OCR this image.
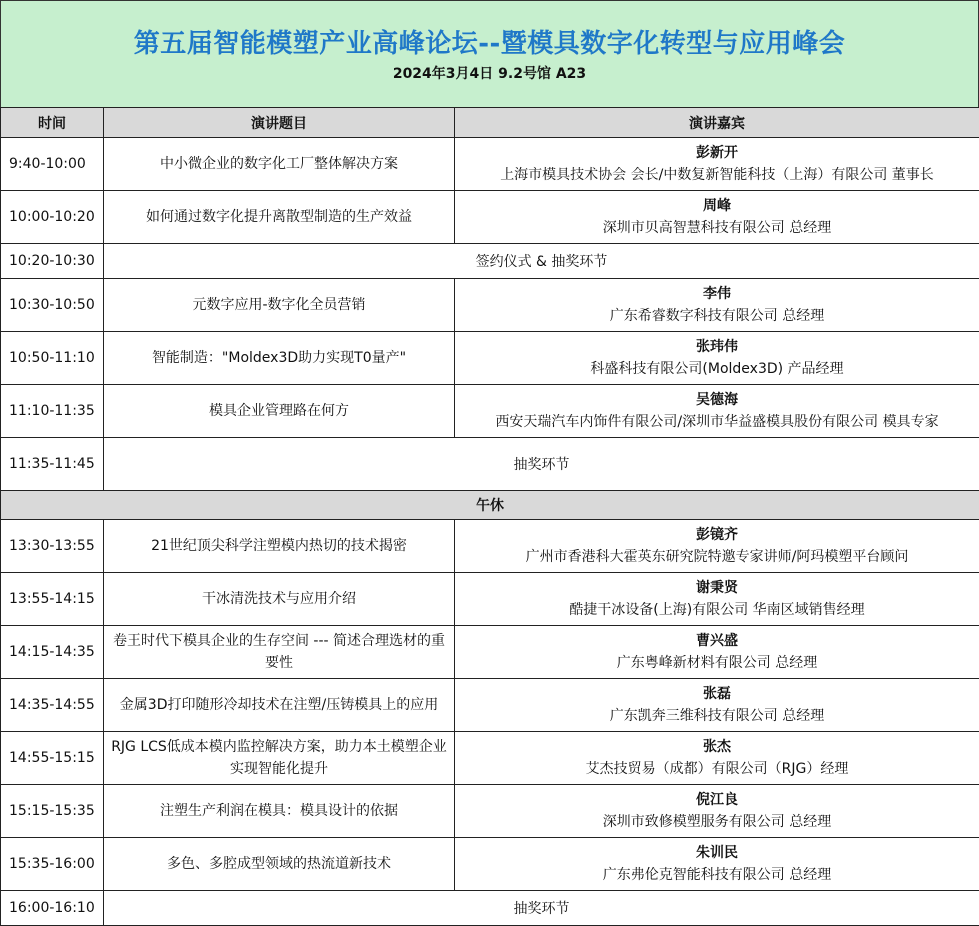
第五届智能模塑产业高峰论坛--暨模具数字化转型与应用峰会
2024年3月4日 9.2号馆 A23
时间	演讲题目	演讲嘉宾
9:40-10:00	中小微企业的数字化工厂整体解决方案	彭新开
上海市模具技术协会 会长/中数复新智能科技（上海）有限公司 董事长

10:00-10:20	如何通过数字化提升离散型制造的生产效益	周峰
深圳市贝高智慧科技有限公司 总经理

10:20-10:30	签约仪式 & 抽奖环节	
10:30-10:50	元数字应用-数字化全员营销	李伟
广东希睿数字科技有限公司 总经理

10:50-11:10	智能制造："Moldex3D助力实现T0量产"	张玮伟
科盛科技有限公司(Moldex3D) 产品经理

11:10-11:35	模具企业管理路在何方	吴德海
西安天瑞汽车内饰件有限公司/深圳市华益盛模具股份有限公司 模具专家

11:35-11:45	抽奖环节	
午休		
13:30-13:55	21世纪顶尖科学注塑模内热切的技术揭密	彭镜齐
广州市香港科大霍英东研究院特邀专家讲师/阿玛模塑平台顾问

13:55-14:15	干冰清洗技术与应用介绍	谢秉贤
酷捷干冰设备(上海)有限公司 华南区域销售经理

14:15-14:35	卷王时代下模具企业的生存空间 --- 简述合理选材的重要性	曹兴盛
广东粤峰新材料有限公司 总经理

14:35-14:55	金属3D打印随形冷却技术在注塑/压铸模具上的应用	张磊
广东凯奔三维科技有限公司 总经理

14:55-15:15	RJG LCS低成本模内监控解决方案，助力本土模塑企业实现智能化提升	张杰
艾杰技贸易（成都）有限公司（RJG）经理

15:15-15:35	注塑生产利润在模具：模具设计的依据	倪江良
深圳市致修模塑服务有限公司 总经理

15:35-16:00	多色、多腔成型领域的热流道新技术	朱训民
广东弗伦克智能科技有限公司 总经理

16:00-16:10	抽奖环节	
